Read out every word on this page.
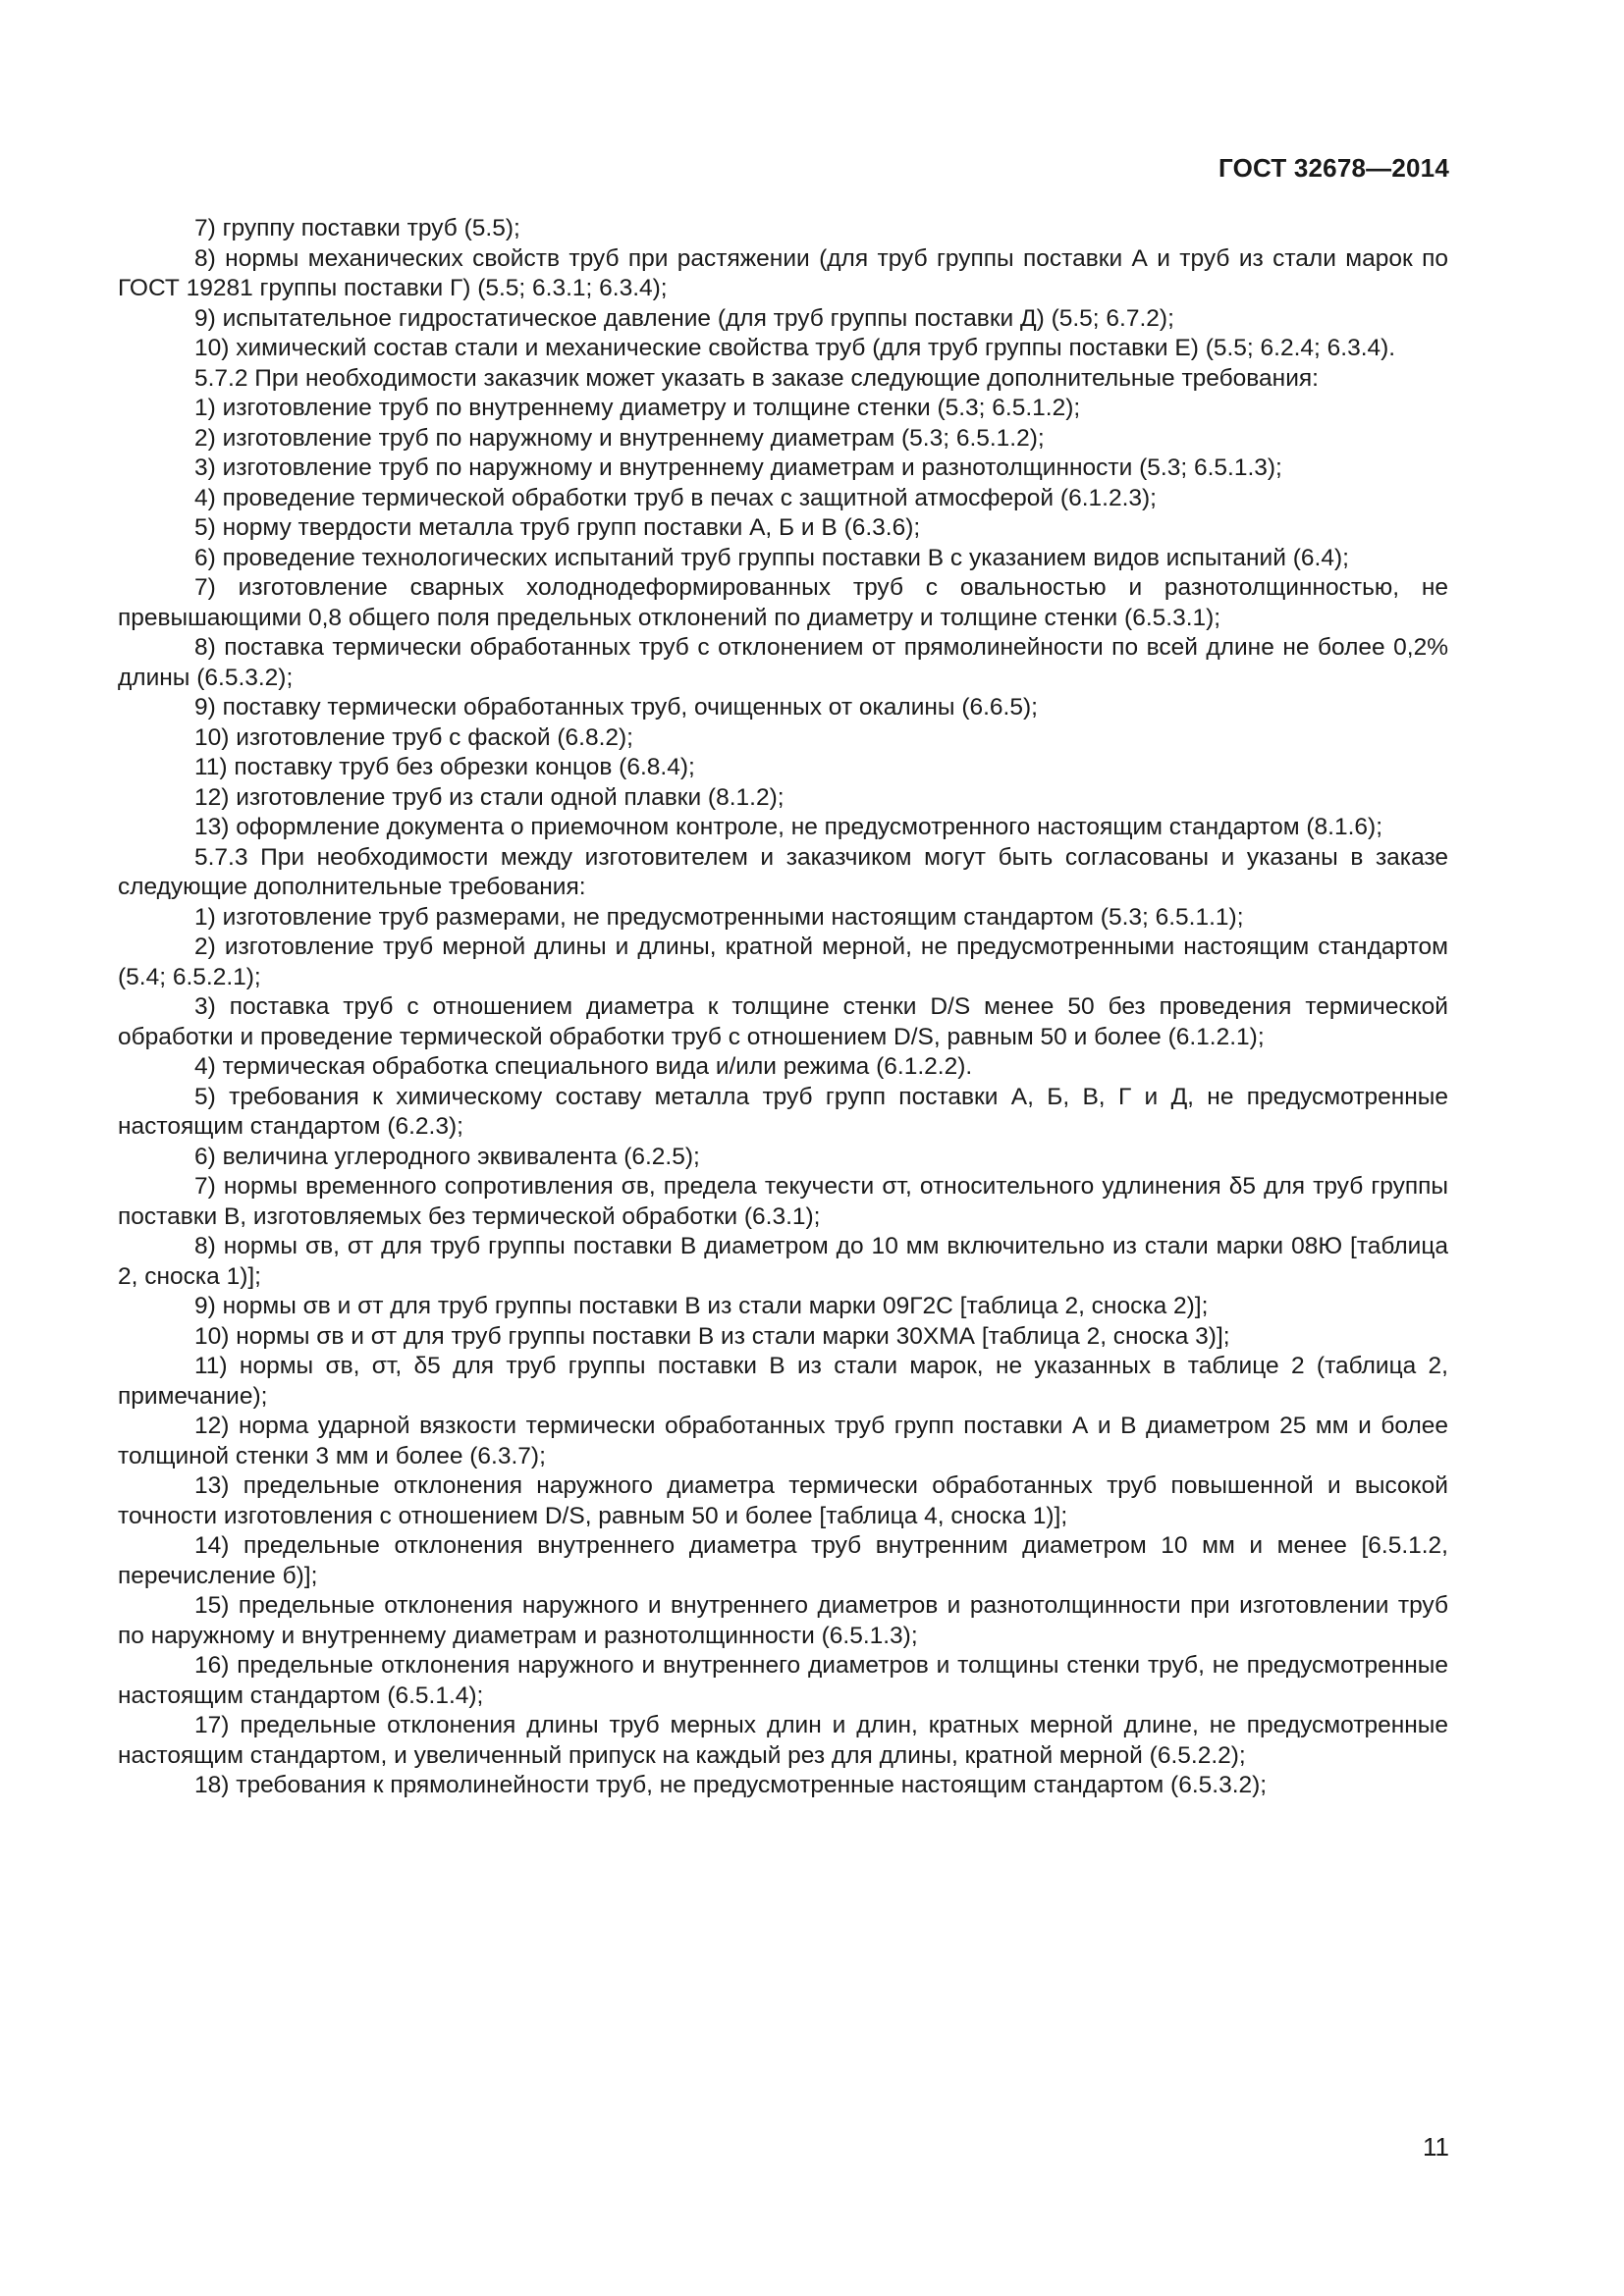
ГОСТ 32678—2014

7) группу поставки труб (5.5);

8) нормы механических свойств труб при растяжении (для труб группы поставки А и труб из стали марок по ГОСТ 19281 группы поставки Г) (5.5; 6.3.1; 6.3.4);

9) испытательное гидростатическое давление (для труб группы поставки Д) (5.5; 6.7.2);

10) химический состав стали и механические свойства труб (для труб группы поставки Е) (5.5; 6.2.4; 6.3.4).

5.7.2 При необходимости заказчик может указать в заказе следующие дополнительные требования:

1) изготовление труб по внутреннему диаметру и толщине стенки (5.3; 6.5.1.2);

2) изготовление труб по наружному и внутреннему диаметрам (5.3; 6.5.1.2);

3) изготовление труб по наружному и внутреннему диаметрам и разнотолщинности (5.3; 6.5.1.3);

4) проведение термической обработки труб в печах с защитной атмосферой (6.1.2.3);

5) норму твердости металла труб групп поставки А, Б и В (6.3.6);

6) проведение технологических испытаний труб группы поставки В с указанием видов испытаний (6.4);

7) изготовление сварных холоднодеформированных труб с овальностью и разнотолщинностью, не превышающими 0,8 общего поля предельных отклонений по диаметру и толщине стенки (6.5.3.1);

8) поставка термически обработанных труб с отклонением от прямолинейности по всей длине не более 0,2% длины (6.5.3.2);

9) поставку термически обработанных труб, очищенных от окалины (6.6.5);

10) изготовление труб с фаской (6.8.2);

11) поставку труб без обрезки концов (6.8.4);

12) изготовление труб из стали одной плавки (8.1.2);

13) оформление документа о приемочном контроле, не предусмотренного настоящим стандартом (8.1.6);

5.7.3 При необходимости между изготовителем и заказчиком могут быть согласованы и указаны в заказе следующие дополнительные требования:

1) изготовление труб размерами, не предусмотренными настоящим стандартом (5.3; 6.5.1.1);

2) изготовление труб мерной длины и длины, кратной мерной, не предусмотренными настоящим стандартом (5.4; 6.5.2.1);

3) поставка труб с отношением диаметра к толщине стенки D/S менее 50 без проведения термической обработки и проведение термической обработки труб с отношением D/S, равным 50 и более (6.1.2.1);

4) термическая обработка специального вида и/или режима (6.1.2.2).

5) требования к химическому составу металла труб групп поставки А, Б, В, Г и Д, не предусмотренные настоящим стандартом (6.2.3);

6) величина углеродного эквивалента (6.2.5);

7) нормы временного сопротивления σв, предела текучести σт, относительного удлинения δ5 для труб группы поставки В, изготовляемых без термической обработки (6.3.1);

8) нормы σв, σт для труб группы поставки В диаметром до 10 мм включительно из стали марки 08Ю [таблица 2, сноска 1)];

9) нормы σв и σт для труб группы поставки В из стали марки 09Г2С [таблица 2, сноска 2)];

10) нормы σв и σт для труб группы поставки В из стали марки 30ХМА [таблица 2, сноска 3)];

11) нормы σв, σт, δ5 для труб группы поставки В из стали марок, не указанных в таблице 2 (таблица 2, примечание);

12) норма ударной вязкости термически обработанных труб групп поставки А и В диаметром 25 мм и более толщиной стенки 3 мм и более (6.3.7);

13) предельные отклонения наружного диаметра термически обработанных труб повышенной и высокой точности изготовления с отношением D/S, равным 50 и более [таблица 4, сноска 1)];

14) предельные отклонения внутреннего диаметра труб внутренним диаметром 10 мм и менее [6.5.1.2, перечисление б)];

15) предельные отклонения наружного и внутреннего диаметров и разнотолщинности при изготовлении труб по наружному и внутреннему диаметрам и разнотолщинности (6.5.1.3);

16) предельные отклонения наружного и внутреннего диаметров и толщины стенки труб, не предусмотренные настоящим стандартом (6.5.1.4);

17) предельные отклонения длины труб мерных длин и длин, кратных мерной длине, не предусмотренные настоящим стандартом, и увеличенный припуск на каждый рез для длины, кратной мерной (6.5.2.2);

18) требования к прямолинейности труб, не предусмотренные настоящим стандартом (6.5.3.2);

11
